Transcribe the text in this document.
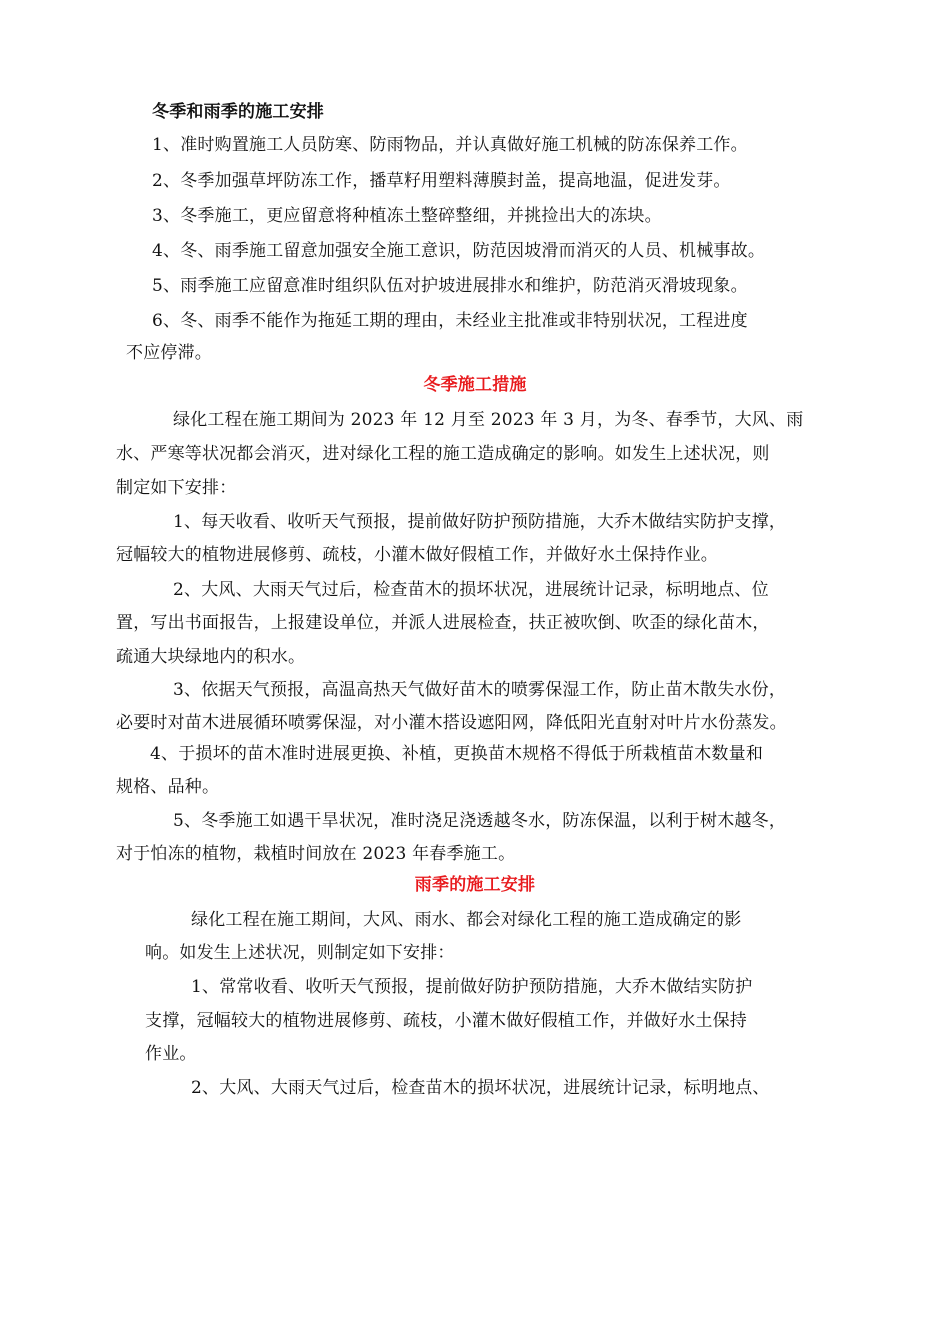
冬季和雨季的施工安排
1、准时购置施工人员防寒、防雨物品，并认真做好施工机械的防冻保养工作。
2、冬季加强草坪防冻工作，播草籽用塑料薄膜封盖，提高地温，促进发芽。
3、冬季施工，更应留意将种植冻土整碎整细，并挑捡出大的冻块。
4、冬、雨季施工留意加强安全施工意识，防范因坡滑而消灭的人员、机械事故。
5、雨季施工应留意准时组织队伍对护坡进展排水和维护，防范消灭滑坡现象。
6、冬、雨季不能作为拖延工期的理由，未经业主批准或非特别状况，工程进度
不应停滞。
冬季施工措施
绿化工程在施工期间为 2023 年 12 月至 2023 年 3 月，为冬、春季节，大风、雨
水、严寒等状况都会消灭，进对绿化工程的施工造成确定的影响。如发生上述状况，则
制定如下安排：
1、每天收看、收听天气预报，提前做好防护预防措施，大乔木做结实防护支撑，
冠幅较大的植物进展修剪、疏枝，小灌木做好假植工作，并做好水土保持作业。
2、大风、大雨天气过后，检查苗木的损坏状况，进展统计记录，标明地点、位
置，写出书面报告，上报建设单位，并派人进展检查，扶正被吹倒、吹歪的绿化苗木，
疏通大块绿地内的积水。
3、依据天气预报，高温高热天气做好苗木的喷雾保湿工作，防止苗木散失水份，
必要时对苗木进展循环喷雾保湿，对小灌木搭设遮阳网，降低阳光直射对叶片水份蒸发。
4、于损坏的苗木准时进展更换、补植，更换苗木规格不得低于所栽植苗木数量和
规格、品种。
5、冬季施工如遇干旱状况，准时浇足浇透越冬水，防冻保温，以利于树木越冬，
对于怕冻的植物，栽植时间放在 2023 年春季施工。
雨季的施工安排
绿化工程在施工期间，大风、雨水、都会对绿化工程的施工造成确定的影
响。如发生上述状况，则制定如下安排：
1、常常收看、收听天气预报，提前做好防护预防措施，大乔木做结实防护
支撑，冠幅较大的植物进展修剪、疏枝，小灌木做好假植工作，并做好水土保持
作业。
2、大风、大雨天气过后，检查苗木的损坏状况，进展统计记录，标明地点、
